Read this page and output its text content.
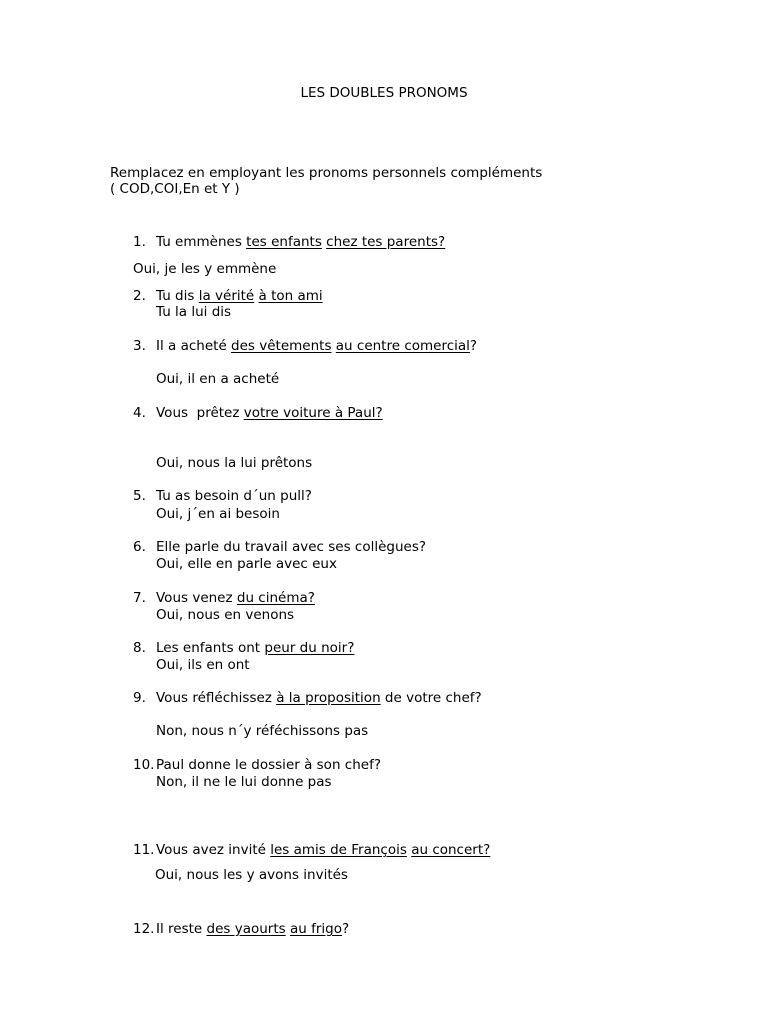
LES DOUBLES PRONOMS
Remplacez en employant les pronoms personnels compléments
( COD,COI,En et Y )
1. Tu emmènes tes enfants chez tes parents?
Oui, je les y emmène
2. Tu dis la vérité à ton ami
Tu la lui dis
3. Il a acheté des vêtements au centre comercial?
Oui, il en a acheté
4. Vous  prêtez votre voiture à Paul?
Oui, nous la lui prêtons
5. Tu as besoin d´un pull?
Oui, j´en ai besoin
6. Elle parle du travail avec ses collègues?
Oui, elle en parle avec eux
7. Vous venez du cinéma?
Oui, nous en venons
8. Les enfants ont peur du noir?
Oui, ils en ont
9. Vous réfléchissez à la proposition de votre chef?
Non, nous n´y réféchissons pas
10. Paul donne le dossier à son chef?
Non, il ne le lui donne pas
11. Vous avez invité les amis de François au concert?
Oui, nous les y avons invités
12. Il reste des yaourts au frigo?
